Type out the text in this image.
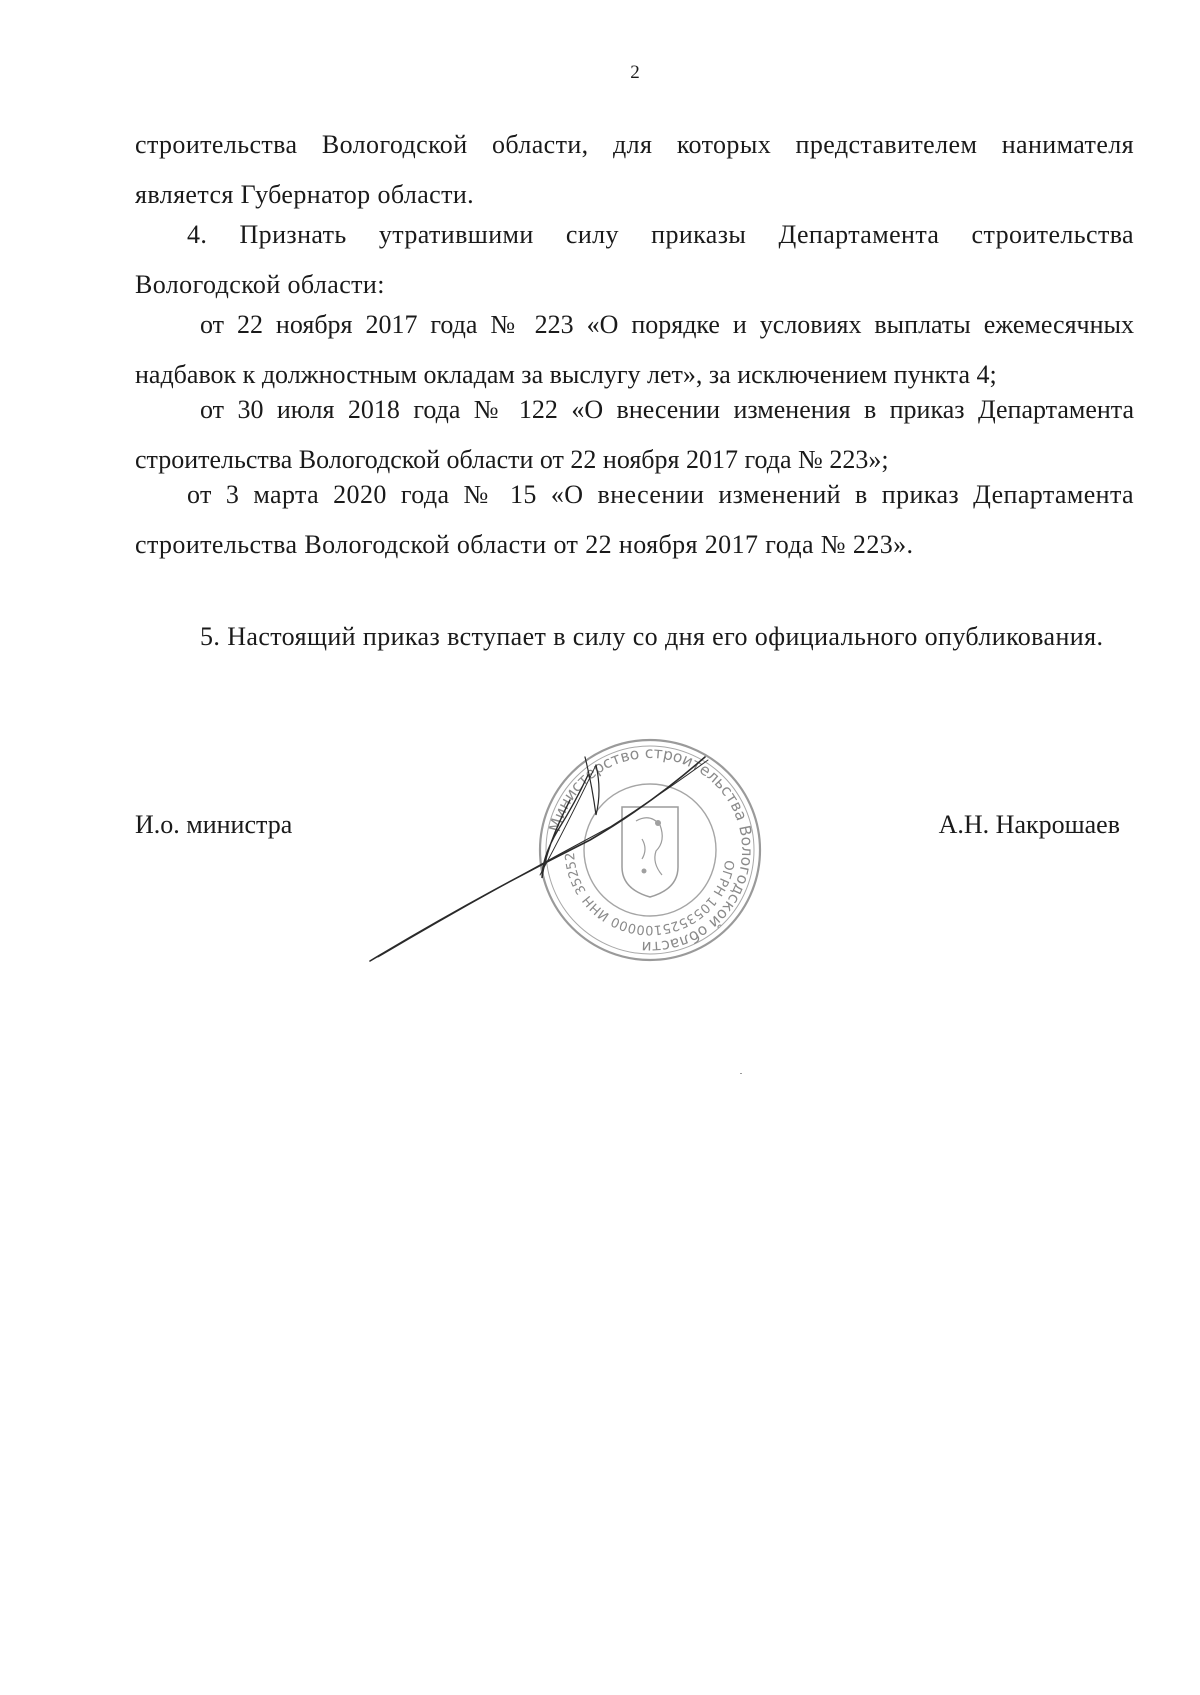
2

строительства Вологодской области, для которых представителем нанимателя является Губернатор области.

4. Признать утратившими силу приказы Департамента строительства Вологодской области:

от 22 ноября 2017 года № 223 «О порядке и условиях выплаты ежемесячных надбавок к должностным окладам за выслугу лет», за исключением пункта 4;

от 30 июля 2018 года № 122 «О внесении изменения в приказ Департамента строительства Вологодской области от 22 ноября 2017 года № 223»;

от 3 марта 2020 года № 15 «О внесении изменений в приказ Департамента строительства Вологодской области от 22 ноября 2017 года № 223».

5. Настоящий приказ вступает в силу со дня его официального опубликования.

Министерство строительства Вологодской области
ОГРН 1053525100000 ИНН 35252
И.о. министра	А.Н. Накрошаев
